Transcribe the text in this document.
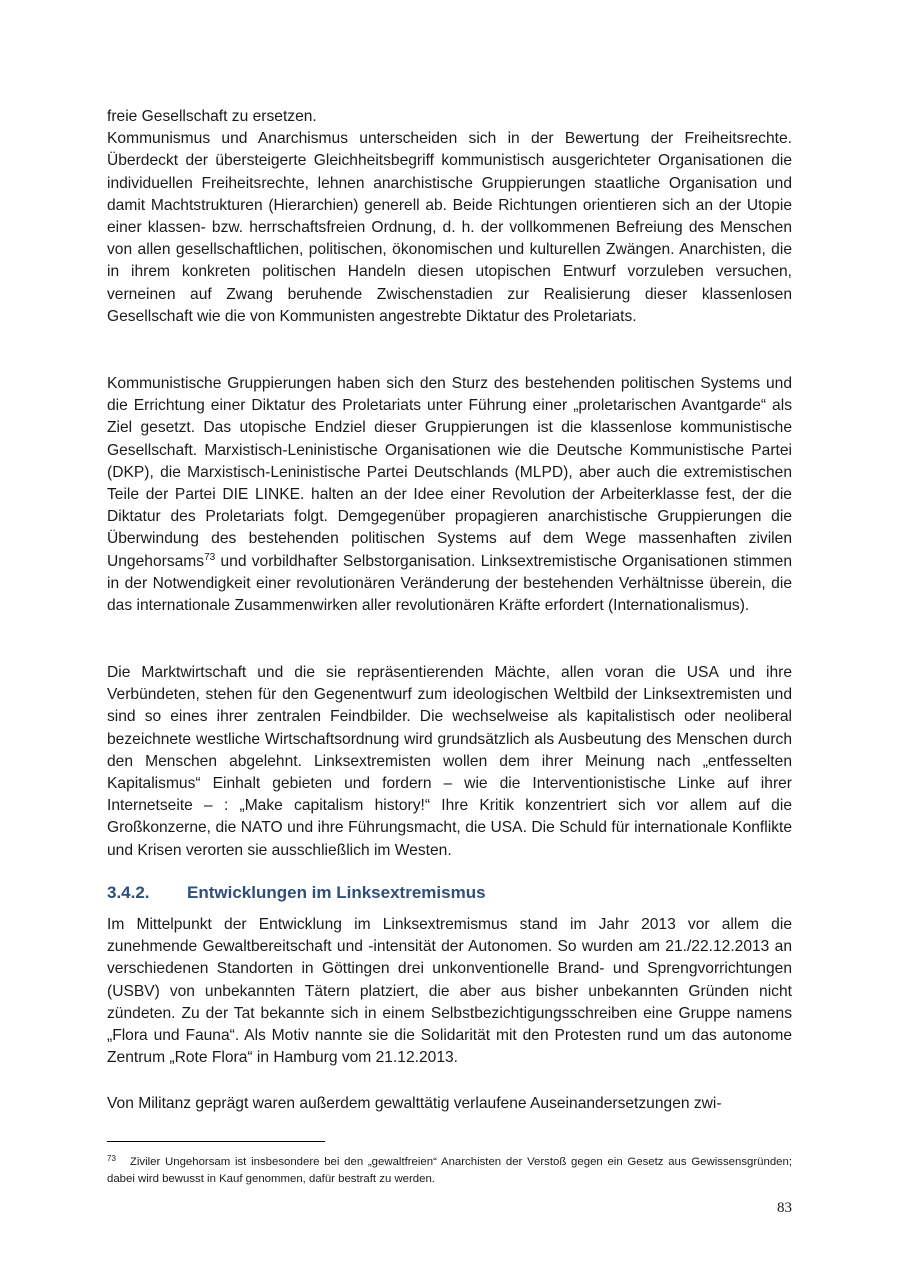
freie Gesellschaft zu ersetzen.
Kommunismus und Anarchismus unterscheiden sich in der Bewertung der Freiheitsrechte. Überdeckt der übersteigerte Gleichheitsbegriff kommunistisch ausgerichteter Organisationen die individuellen Freiheitsrechte, lehnen anarchistische Gruppierungen staatliche Organisation und damit Machtstrukturen (Hierarchien) generell ab. Beide Richtungen orientieren sich an der Utopie einer klassen- bzw. herrschaftsfreien Ordnung, d. h. der vollkommenen Befreiung des Menschen von allen gesellschaftlichen, politischen, ökonomischen und kulturellen Zwängen. Anarchisten, die in ihrem konkreten politischen Handeln diesen utopischen Entwurf vorzuleben versuchen, verneinen auf Zwang beruhende Zwischenstadien zur Realisierung dieser klassenlosen Gesellschaft wie die von Kommunisten angestrebte Diktatur des Proletariats.

Kommunistische Gruppierungen haben sich den Sturz des bestehenden politischen Systems und die Errichtung einer Diktatur des Proletariats unter Führung einer „proletarischen Avantgarde“ als Ziel gesetzt. Das utopische Endziel dieser Gruppierungen ist die klassenlose kommunistische Gesellschaft. Marxistisch-Leninistische Organisationen wie die Deutsche Kommunistische Partei (DKP), die Marxistisch-Leninistische Partei Deutschlands (MLPD), aber auch die extremistischen Teile der Partei DIE LINKE. halten an der Idee einer Revolution der Arbeiterklasse fest, der die Diktatur des Proletariats folgt. Demgegenüber propagieren anarchistische Gruppierungen die Überwindung des bestehenden politischen Systems auf dem Wege massenhaften zivilen Ungehorsams$^{73}$ und vorbildhafter Selbstorganisation. Linksextremistische Organisationen stimmen in der Notwendigkeit einer revolutionären Veränderung der bestehenden Verhältnisse überein, die das internationale Zusammenwirken aller revolutionären Kräfte erfordert (Internationalismus).

Die Marktwirtschaft und die sie repräsentierenden Mächte, allen voran die USA und ihre Verbündeten, stehen für den Gegenentwurf zum ideologischen Weltbild der Linksextremisten und sind so eines ihrer zentralen Feindbilder. Die wechselweise als kapitalistisch oder neoliberal bezeichnete westliche Wirtschaftsordnung wird grundsätzlich als Ausbeutung des Menschen durch den Menschen abgelehnt. Linksextremisten wollen dem ihrer Meinung nach „entfesselten Kapitalismus“ Einhalt gebieten und fordern – wie die Interventionistische Linke auf ihrer Internetseite – : „Make capitalism history!“ Ihre Kritik konzentriert sich vor allem auf die Großkonzerne, die NATO und ihre Führungsmacht, die USA. Die Schuld für internationale Konflikte und Krisen verorten sie ausschließlich im Westen.

3.4.2. Entwicklungen im Linksextremismus

Im Mittelpunkt der Entwicklung im Linksextremismus stand im Jahr 2013 vor allem die zunehmende Gewaltbereitschaft und -intensität der Autonomen. So wurden am 21./22.12.2013 an verschiedenen Standorten in Göttingen drei unkonventionelle Brand- und Sprengvorrichtungen (USBV) von unbekannten Tätern platziert, die aber aus bisher unbekannten Gründen nicht zündeten. Zu der Tat bekannte sich in einem Selbstbezichtigungsschreiben eine Gruppe namens „Flora und Fauna“. Als Motiv nannte sie die Solidarität mit den Protesten rund um das autonome Zentrum „Rote Flora“ in Hamburg vom 21.12.2013.

Von Militanz geprägt waren außerdem gewalttätig verlaufene Auseinandersetzungen zwi-

$^{73}$ Ziviler Ungehorsam ist insbesondere bei den „gewaltfreien“ Anarchisten der Verstoß gegen ein Gesetz aus Gewissensgründen; dabei wird bewusst in Kauf genommen, dafür bestraft zu werden.

83
